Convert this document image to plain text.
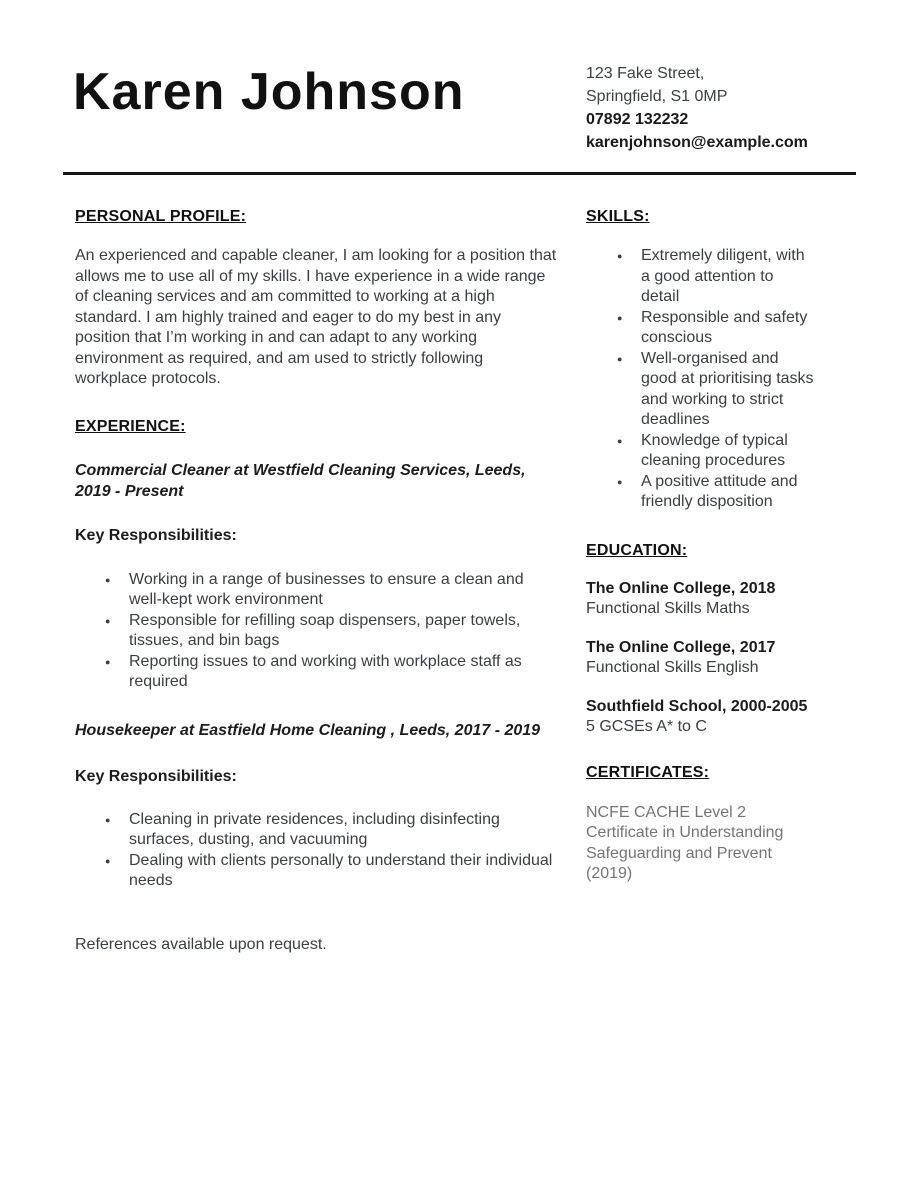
Karen Johnson	123 Fake Street,
Springfield, S1 0MP
07892 132232
karenjohnson@example.com
PERSONAL PROFILE:
An experienced and capable cleaner, I am looking for a position that allows me to use all of my skills. I have experience in a wide range of cleaning services and am committed to working at a high standard. I am highly trained and eager to do my best in any position that I’m working in and can adapt to any working environment as required, and am used to strictly following workplace protocols.
EXPERIENCE:
Commercial Cleaner at Westfield Cleaning Services, Leeds, 2019 - Present
Key Responsibilities:
●	Working in a range of businesses to ensure a clean and well-kept work environment
●	Responsible for refilling soap dispensers, paper towels, tissues, and bin bags
●	Reporting issues to and working with workplace staff as required
Housekeeper at Eastfield Home Cleaning , Leeds, 2017 - 2019
Key Responsibilities:
●	Cleaning in private residences, including disinfecting surfaces, dusting, and vacuuming
●	Dealing with clients personally to understand their individual needs
References available upon request.
SKILLS:
●	Extremely diligent, with a good attention to detail
●	Responsible and safety conscious
●	Well-organised and good at prioritising tasks and working to strict deadlines
●	Knowledge of typical cleaning procedures
●	A positive attitude and friendly disposition
EDUCATION:
The Online College, 2018
Functional Skills Maths
The Online College, 2017
Functional Skills English
Southfield School, 2000-2005
5 GCSEs A* to C
CERTIFICATES:
NCFE CACHE Level 2 Certificate in Understanding Safeguarding and Prevent (2019)
